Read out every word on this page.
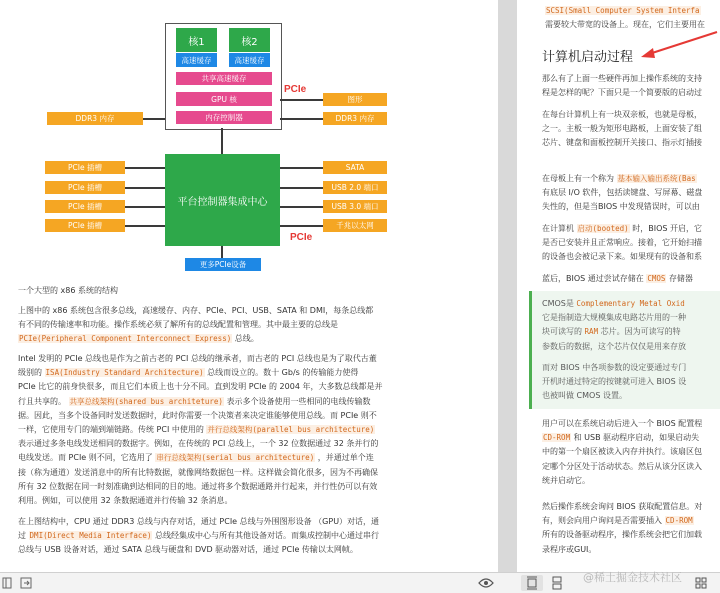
核1
高速缓存
核2
高速缓存
共享高速缓存
GPU 核
内存控制器
DDR3 内存	DDR3 内存
图形
PCIe
平台控制器集成中心
PCIe 插槽
PCIe 插槽
PCIe 插槽
PCIe 插槽
SATA
USB 2.0 端口
USB 3.0 端口
千兆以太网
PCIe
更多PCIe设备
一个大型的 x86 系统的结构

上图中的 x86 系统包含很多总线，高速缓存、内存、PCIe、PCI、USB、SATA 和 DMI，每条总线都

有不同的传输速率和功能。操作系统必须了解所有的总线配置和管理。其中最主要的总线是

PCIe(Peripheral Component Interconnect Express) 总线。

Intel 发明的 PCIe 总线也是作为之前古老的 PCI 总线的继承者，而古老的 PCI 总线也是为了取代古董

级别的 ISA(Industry Standard Architecture) 总线而设立的。数十 Gb/s 的传输能力使得

PCIe 比它的前身快很多，而且它们本质上也十分不同。直到发明 PCIe 的 2004 年，大多数总线都是并

行且共享的。 共享总线架构(shared bus architeture) 表示多个设备使用一些相同的电线传输数

据。因此，当多个设备同时发送数据时，此时你需要一个决策者来决定谁能够使用总线。而 PCIe 则不

一样，它使用专门的端到端链路。传统 PCI 中使用的 并行总线架构(parallel bus architecture)

表示通过多条电线发送相同的数据字。例如，在传统的 PCI 总线上，一个 32 位数据通过 32 条并行的

电线发送。而 PCIe 则不同，它选用了 串行总线架构(serial bus architecture) ，并通过单个连

接（称为通道）发送消息中的所有比特数据，就像网络数据包一样。这样做会简化很多，因为不再确保

所有 32 位数据在同一时刻准确到达相同的目的地。通过将多个数据通路并行起来，并行性仍可以有效

利用。例如，可以使用 32 条数据通道并行传输 32 条消息。

在上图结构中，CPU 通过 DDR3 总线与内存对话，通过 PCIe 总线与外围图形设备 （GPU）对话，通

过 DMI(Direct Media Interface) 总线经集成中心与所有其他设备对话。而集成控制中心通过串行

总线与 USB 设备对话，通过 SATA 总线与硬盘和 DVD 驱动器对话，通过 PCIe 传输以太网帧。

SCSI(Small Computer System Interfa

需要较大带宽的设备上。现在，它们主要用在

计算机启动过程

那么有了上面一些硬件再加上操作系统的支持

程是怎样的呢？下面只是一个简要版的启动过

在每台计算机上有一块双亲板，也就是母板，

之一。主板一般为矩形电路板，上面安装了组

芯片、键盘和面板控制开关接口、指示灯插接

在母板上有一个称为 基本输入输出系统(Bas

有底层 I/O 软件，包括读键盘、写屏幕、磁盘

失性的，但是当BIOS 中发现错误时，可以由

在计算机 启动(booted) 时，BIOS 开启，它

是否已安装并且正常响应。接着，它开始扫描

的设备也会被记录下来。如果现有的设备和系

蓝后，BIOS 通过尝试存储在 CMOS 存储器

CMOS是 Complementary Metal Oxid

它是指制造大规模集成电路芯片用的一种

块可读写的 RAM 芯片。因为可读写的特

参数后的数据，这个芯片仅仅是用来存放

而对 BIOS 中各项参数的设定要通过专门

开机时通过特定的按键就可进入 BIOS 设

也被叫做 CMOS 设置。

用户可以在系统启动后进入一个 BIOS 配置程

CD-ROM 和 USB 驱动程序启动，如果启动失

中的第一个扇区被读入内存并执行。该扇区包

定哪个分区处于活动状态。然后从该分区读入

统并启动它。

然后操作系统会询问 BIOS 获取配置信息。对

有，则会向用户询问是否需要插入 CD-ROM

所有的设备驱动程序，操作系统会把它们加载

录程序或GUI。

@稀土掘金技术社区
